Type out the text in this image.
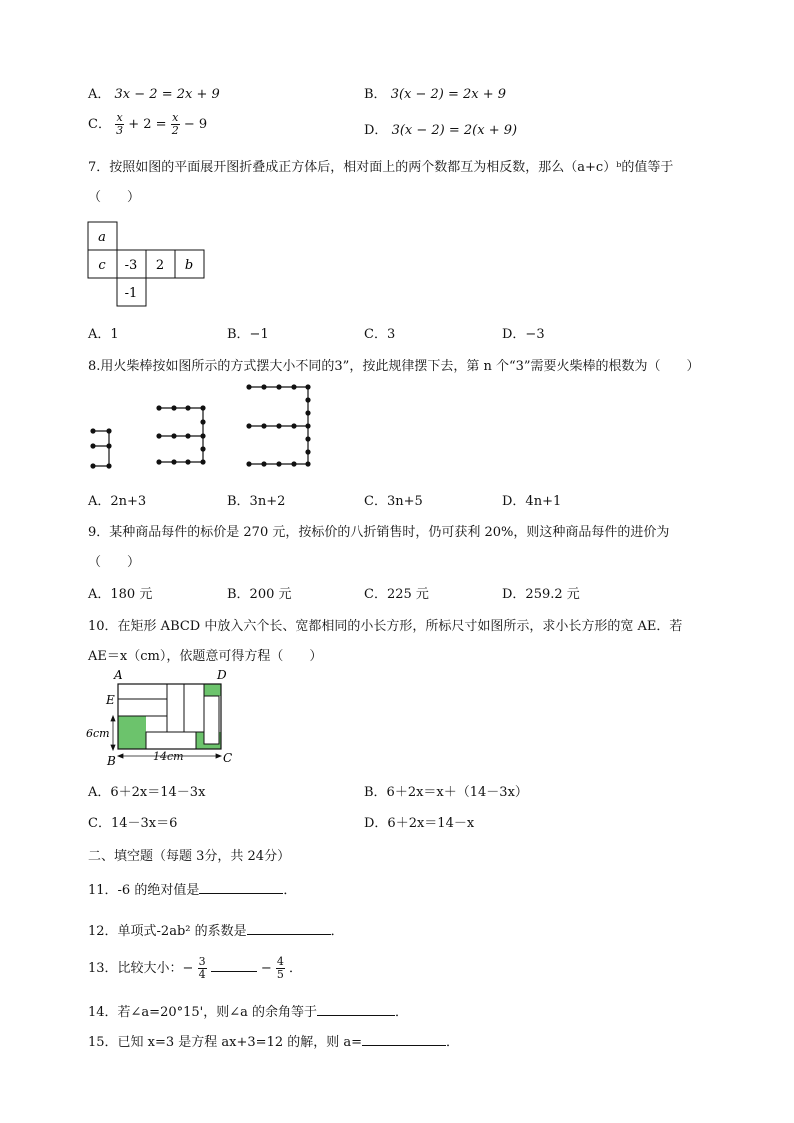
A． 3x − 2 = 2x + 9	B． 3(x − 2) = 2x + 9
C． $\frac{x}{3} + 2 = \frac{x}{2} - 9$	D． 3(x − 2) = 2(x + 9)
7．按照如图的平面展开图折叠成正方体后，相对面上的两个数都互为相反数，那么（a+c）ᵇ的值等于
（　　）
a
c -3 2 b
-1
A．1	B．−1	C．3	D．−3
8.用火柴棒按如图所示的方式摆大小不同的3”，按此规律摆下去，第 n 个“3”需要火柴棒的根数为（　　）
A．2n+3	B．3n+2	C．3n+5	D．4n+1
9．某种商品每件的标价是 270 元，按标价的八折销售时，仍可获利 20%，则这种商品每件的进价为
（　　）
A．180 元	B．200 元	C．225 元	D．259.2 元
10．在矩形 ABCD 中放入六个长、宽都相同的小长方形，所标尺寸如图所示，求小长方形的宽 AE．若
AE＝x（cm），依题意可得方程（　　）
A	D
E
B	C
6cm
14cm
A．6＋2x＝14－3x	B．6＋2x＝x＋（14－3x）
C．14－3x＝6	D．6＋2x＝14－x
二、填空题（每题 3分，共 24分）
11．-6 的绝对值是	．
12．单项式-2ab² 的系数是	．
13．比较大小：− $\frac{3}{4}$	− $\frac{4}{5}$ ．
14．若∠a=20°15'，则∠a 的余角等于	．
15．已知 x=3 是方程 ax+3=12 的解，则 a=	．
